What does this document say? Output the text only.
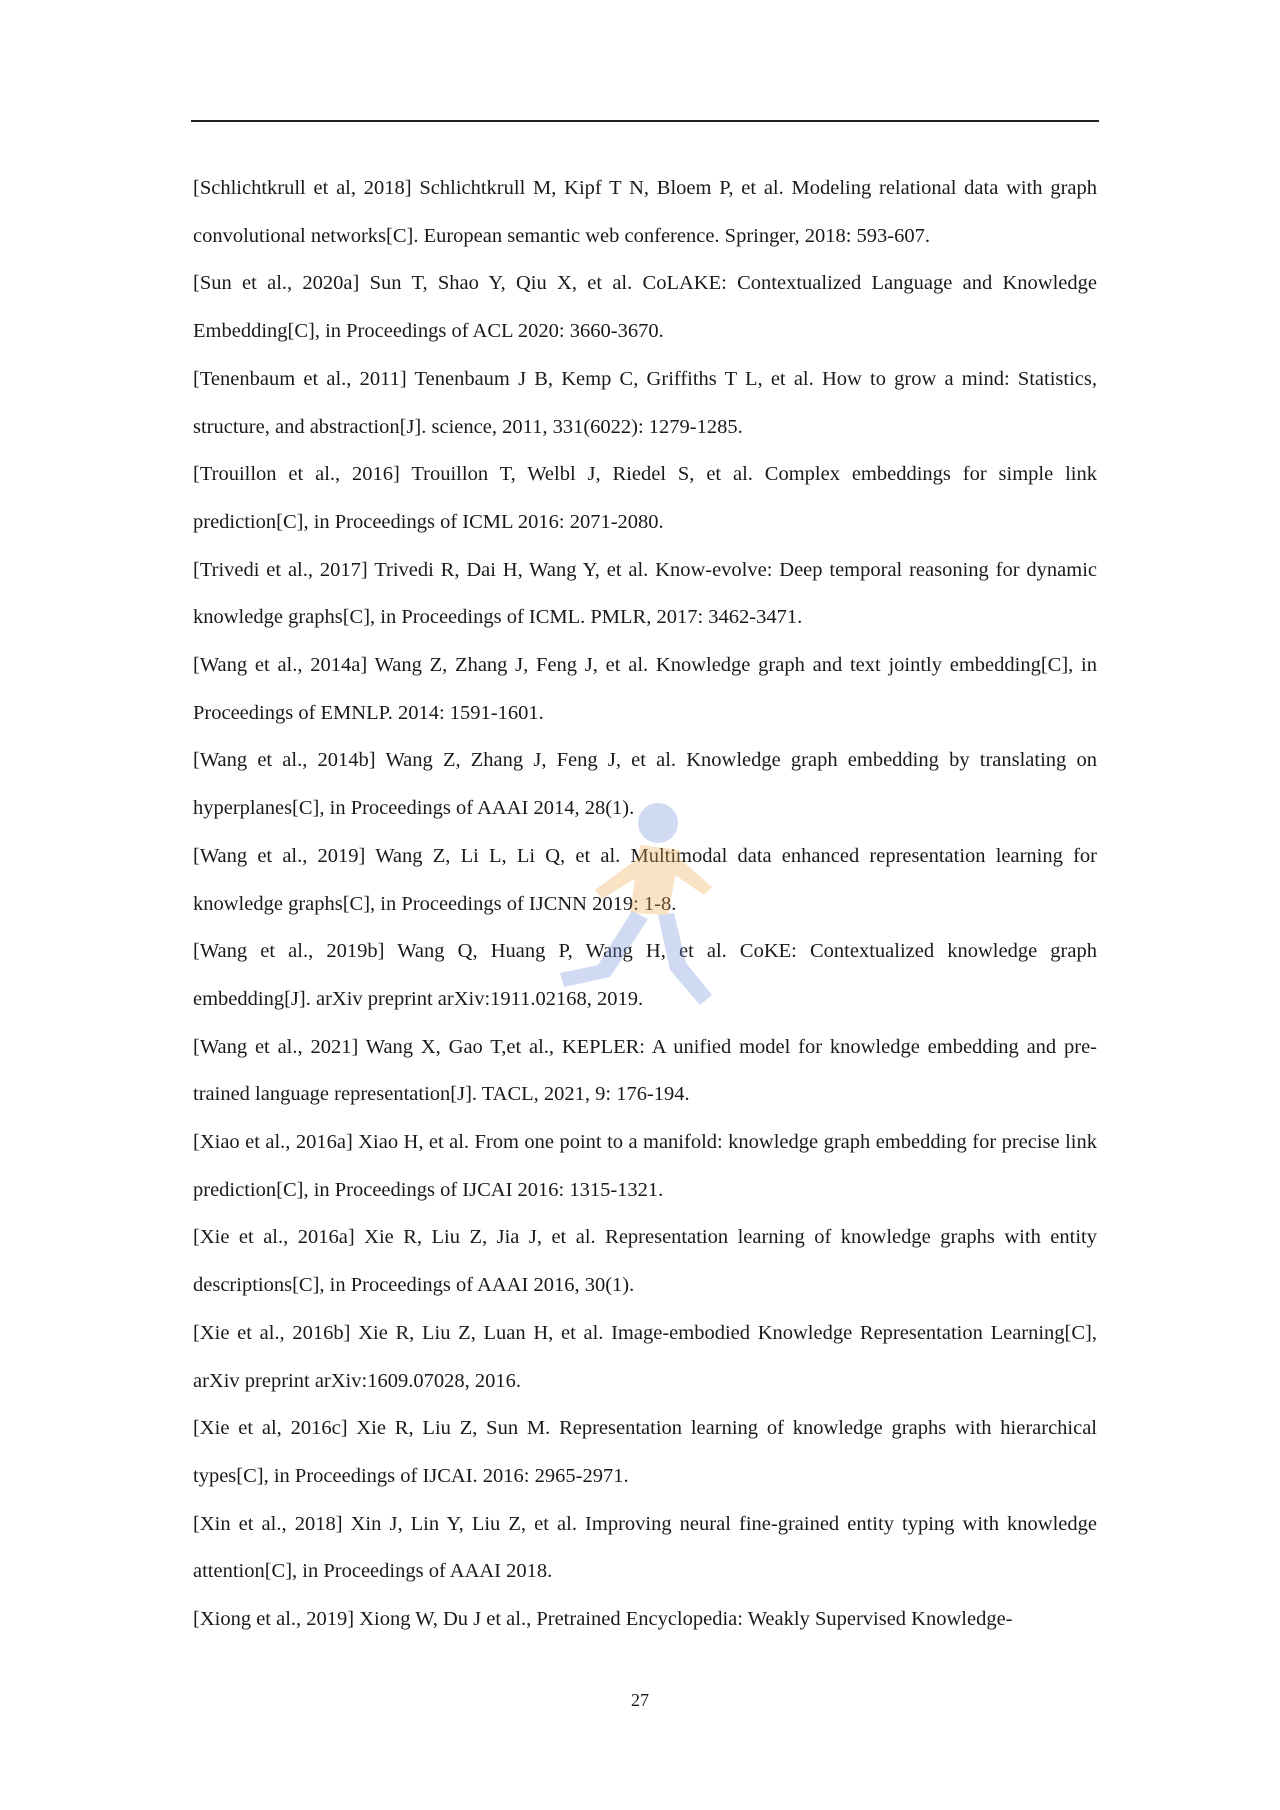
[Schlichtkrull et al, 2018] Schlichtkrull M, Kipf T N, Bloem P, et al. Modeling relational data with graph convolutional networks[C]. European semantic web conference. Springer, 2018: 593-607.

[Sun et al., 2020a] Sun T, Shao Y, Qiu X, et al. CoLAKE: Contextualized Language and Knowledge Embedding[C], in Proceedings of ACL 2020: 3660-3670.

[Tenenbaum et al., 2011] Tenenbaum J B, Kemp C, Griffiths T L, et al. How to grow a mind: Statistics, structure, and abstraction[J]. science, 2011, 331(6022): 1279-1285.

[Trouillon et al., 2016] Trouillon T, Welbl J, Riedel S, et al. Complex embeddings for simple link prediction[C], in Proceedings of ICML 2016: 2071-2080.

[Trivedi et al., 2017] Trivedi R, Dai H, Wang Y, et al. Know-evolve: Deep temporal reasoning for dynamic knowledge graphs[C], in Proceedings of ICML. PMLR, 2017: 3462-3471.

[Wang et al., 2014a] Wang Z, Zhang J, Feng J, et al. Knowledge graph and text jointly embedding[C], in Proceedings of EMNLP. 2014: 1591-1601.

[Wang et al., 2014b] Wang Z, Zhang J, Feng J, et al. Knowledge graph embedding by translating on hyperplanes[C], in Proceedings of AAAI 2014, 28(1).

[Wang et al., 2019] Wang Z, Li L, Li Q, et al. Multimodal data enhanced representation learning for knowledge graphs[C], in Proceedings of IJCNN 2019: 1-8.

[Wang et al., 2019b] Wang Q, Huang P, Wang H, et al. CoKE: Contextualized knowledge graph embedding[J]. arXiv preprint arXiv:1911.02168, 2019.

[Wang et al., 2021] Wang X, Gao T,et al., KEPLER: A unified model for knowledge embedding and pre-trained language representation[J]. TACL, 2021, 9: 176-194.

[Xiao et al., 2016a] Xiao H, et al. From one point to a manifold: knowledge graph embedding for precise link prediction[C], in Proceedings of IJCAI 2016: 1315-1321.

[Xie et al., 2016a] Xie R, Liu Z, Jia J, et al. Representation learning of knowledge graphs with entity descriptions[C], in Proceedings of AAAI 2016, 30(1).

[Xie et al., 2016b] Xie R, Liu Z, Luan H, et al. Image-embodied Knowledge Representation Learning[C], arXiv preprint arXiv:1609.07028, 2016.

[Xie et al, 2016c] Xie R, Liu Z, Sun M. Representation learning of knowledge graphs with hierarchical types[C], in Proceedings of IJCAI. 2016: 2965-2971.

[Xin et al., 2018] Xin J, Lin Y, Liu Z, et al. Improving neural fine-grained entity typing with knowledge attention[C], in Proceedings of AAAI 2018.

[Xiong et al., 2019] Xiong W, Du J et al., Pretrained Encyclopedia: Weakly Supervised Knowledge-

27
